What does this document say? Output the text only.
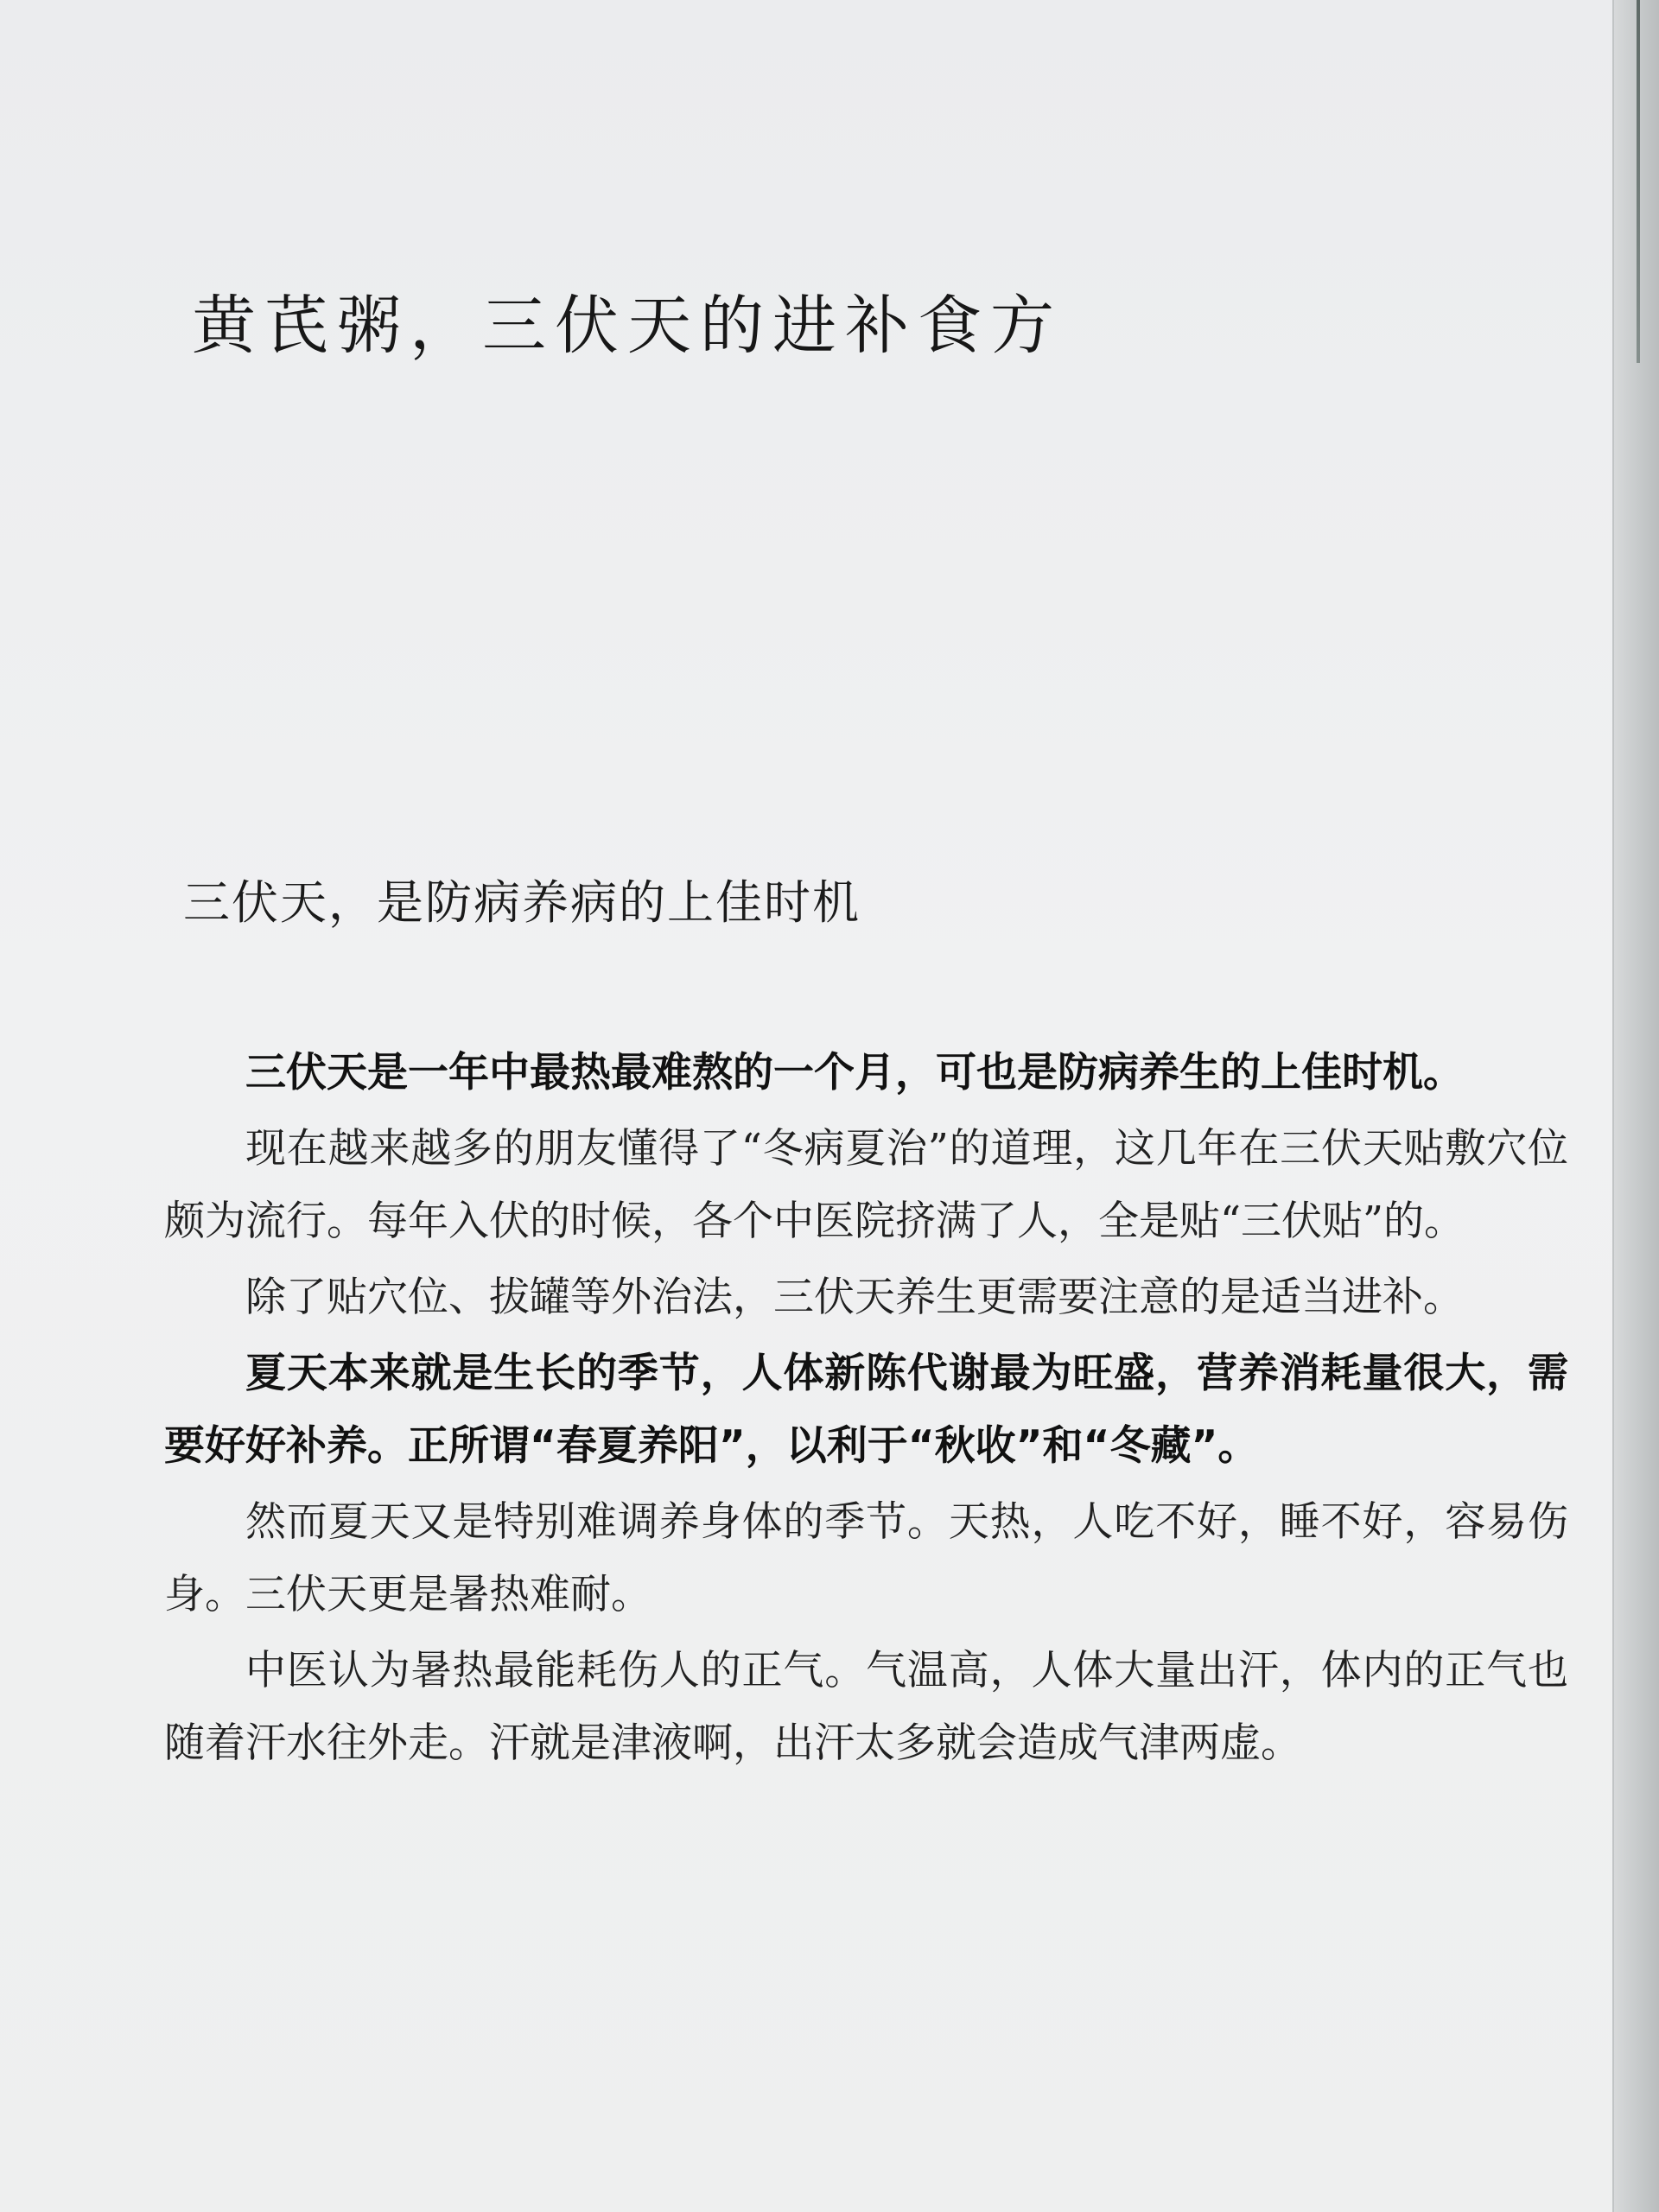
黄芪粥，三伏天的进补食方
三伏天，是防病养病的上佳时机

三伏天是一年中最热最难熬的一个月，可也是防病养生的上佳时机。

现在越来越多的朋友懂得了“冬病夏治”的道理，这几年在三伏天贴敷穴位颇为流行。每年入伏的时候，各个中医院挤满了人，全是贴“三伏贴”的。

除了贴穴位、拔罐等外治法，三伏天养生更需要注意的是适当进补。

夏天本来就是生长的季节，人体新陈代谢最为旺盛，营养消耗量很大，需要好好补养。正所谓“春夏养阳”，以利于“秋收”和“冬藏”。

然而夏天又是特别难调养身体的季节。天热，人吃不好，睡不好，容易伤身。三伏天更是暑热难耐。

中医认为暑热最能耗伤人的正气。气温高，人体大量出汗，体内的正气也随着汗水往外走。汗就是津液啊，出汗太多就会造成气津两虚。
